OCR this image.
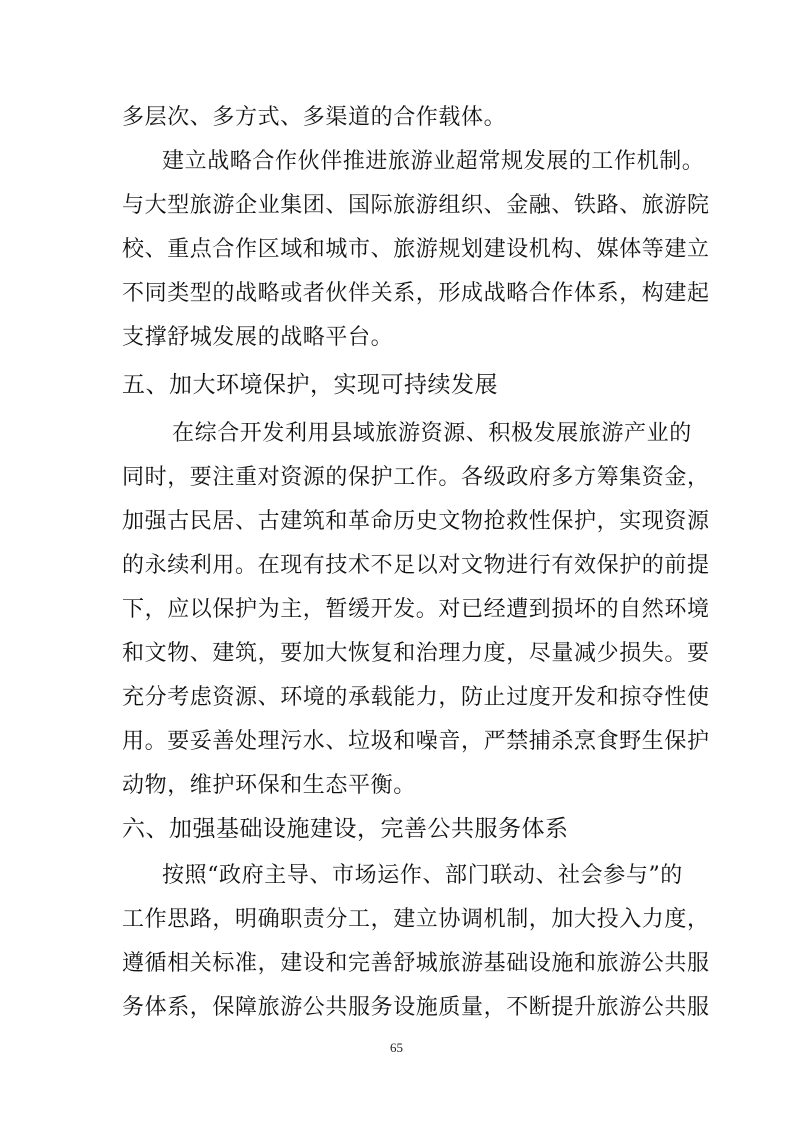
多层次、多方式、多渠道的合作载体。
建立战略合作伙伴推进旅游业超常规发展的工作机制。
与大型旅游企业集团、国际旅游组织、金融、铁路、旅游院
校、重点合作区域和城市、旅游规划建设机构、媒体等建立
不同类型的战略或者伙伴关系，形成战略合作体系，构建起
支撑舒城发展的战略平台。
五、加大环境保护，实现可持续发展
在综合开发利用县域旅游资源、积极发展旅游产业的
同时，要注重对资源的保护工作。各级政府多方筹集资金，
加强古民居、古建筑和革命历史文物抢救性保护，实现资源
的永续利用。在现有技术不足以对文物进行有效保护的前提
下，应以保护为主，暂缓开发。对已经遭到损坏的自然环境
和文物、建筑，要加大恢复和治理力度，尽量减少损失。要
充分考虑资源、环境的承载能力，防止过度开发和掠夺性使
用。要妥善处理污水、垃圾和噪音，严禁捕杀烹食野生保护
动物，维护环保和生态平衡。
六、加强基础设施建设，完善公共服务体系
按照“政府主导、市场运作、部门联动、社会参与”的
工作思路，明确职责分工，建立协调机制，加大投入力度，
遵循相关标准，建设和完善舒城旅游基础设施和旅游公共服
务体系，保障旅游公共服务设施质量，不断提升旅游公共服
65
